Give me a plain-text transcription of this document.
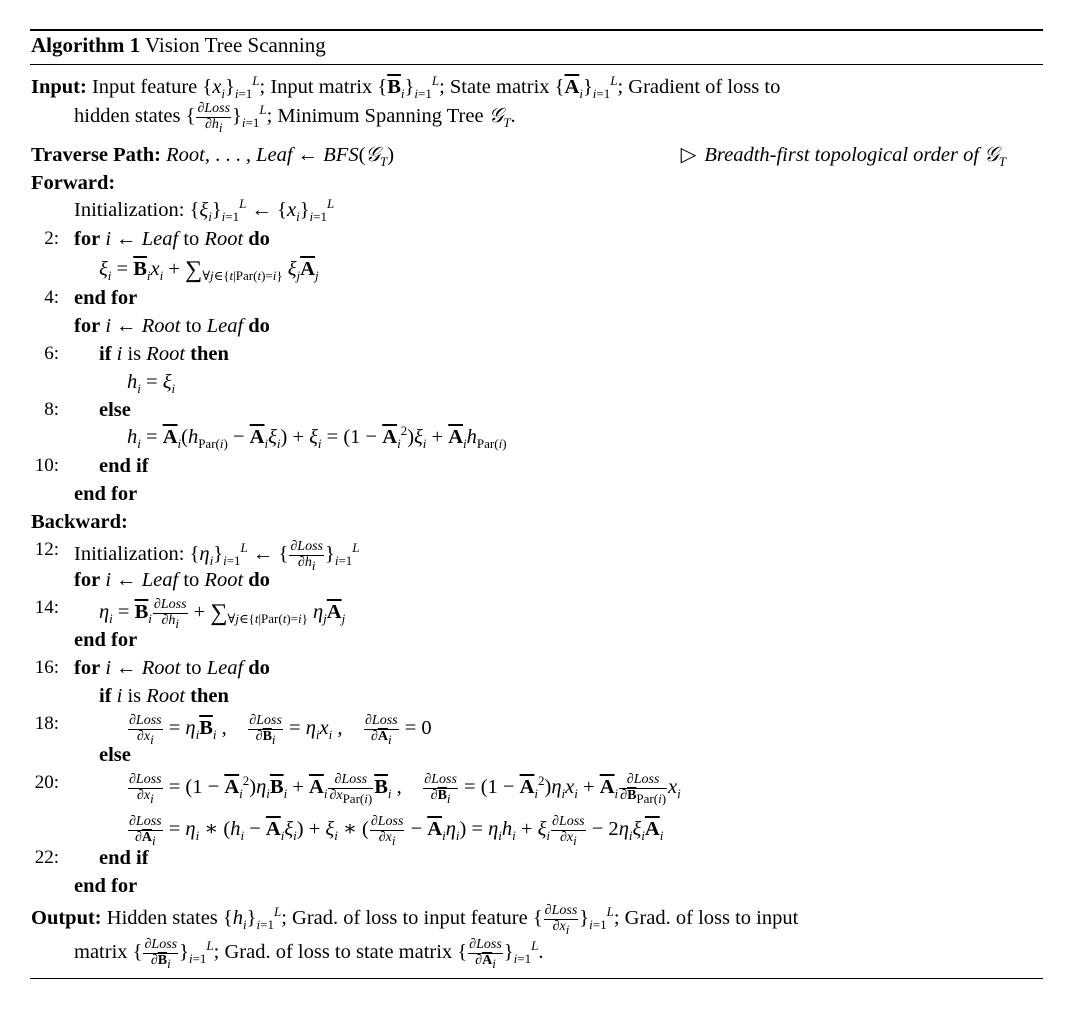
Algorithm 1 Vision Tree Scanning
Input: Input feature $\{x_i\}_{i=1}^L$; Input matrix $\{\overline{B}_i\}_{i=1}^L$; State matrix $\{\overline{A}_i\}_{i=1}^L$; Gradient of loss to
hidden states { ∂Loss
$\partial h_i$
}$_{i=1}^L$; Minimum Spanning Tree 𝒢$_T$.
Traverse Path: Root, . . . , Leaf ← BFS(𝒢$_T$)	▷ Breadth-first topological order of 𝒢$_T$
Forward:
Initialization: $\{\xi_i\}_{i=1}^L$ ← $\{x_i\}_{i=1}^L$
2 : for i ← Leaf to Root do
$\xi_i = \overline{B}_ix_i + \sum_{\forall j\in\{t|Par(t)=i\}}$ $\xi_j\overline{A}_j$
4 : end for
for i ← Root to Leaf do
6 : if i is Root then
$h_i = \xi_i$
8 : else
$h_i = \overline{A}_i(h_{Par(i)} - \overline{A}_i\xi_i) + \xi_i = (1 - \overline{A}_i^2)\xi_i + \overline{A}_ih_{Par(i)}$
10 : end if
end for
Backward:
12 : Initialization: $\{\eta_i\}_{i=1}^L$ ← { ∂Loss
$\partial h_i$
}$_{i=1}^L$
for i ← Leaf to Root do
14 : $\eta_i = \overline{B}_i$
∂Loss
$\partial h_i$
+ $\sum_{\forall j\in\{t|Par(t)=i\}}$ $\eta_j\overline{A}_j$
end for
16 : for i ← Root to Leaf do
if i is Root then
18 :	∂Loss
$\partial x_i$
= $\eta_i\overline{B}_i$ , ∂Loss
$\partial\overline{B}_i$
= $\eta_ix_i$ , ∂Loss
$\partial\overline{A}_i$
= 0
else
20 :	∂Loss
$\partial x_i$
= $(1 - \overline{A}_i^2)\eta_i\overline{B}_i + \overline{A}_i$
∂Loss
$\partial x_{Par(i)}$
$\overline{B}_i$ , ∂Loss
$\partial\overline{B}_i$
= $(1 - \overline{A}_i^2)\eta_ix_i + \overline{A}_i$
∂Loss
$\partial\overline{B}_{Par(i)}$
$x_i$
∂Loss
$\partial\overline{A}_i$
= $\eta_i$ ∗ $(h_i - \overline{A}_i\xi_i) + \xi_i$ ∗ ( ∂Loss
$\partial x_i$
− $\overline{A}_i\eta_i) = \eta_ih_i + \xi_i$
∂Loss
$\partial x_i$
− $2\eta_i\xi_i\overline{A}_i$
22 : end if
end for
Output: Hidden states $\{h_i\}_{i=1}^L$; Grad. of loss to input feature { ∂Loss
$\partial x_i$
}$_{i=1}^L$; Grad. of loss to input
matrix { ∂Loss
$\partial\overline{B}_i$
}$_{i=1}^L$; Grad. of loss to state matrix { ∂Loss
$\partial\overline{A}_i$
}$_{i=1}^L$.
